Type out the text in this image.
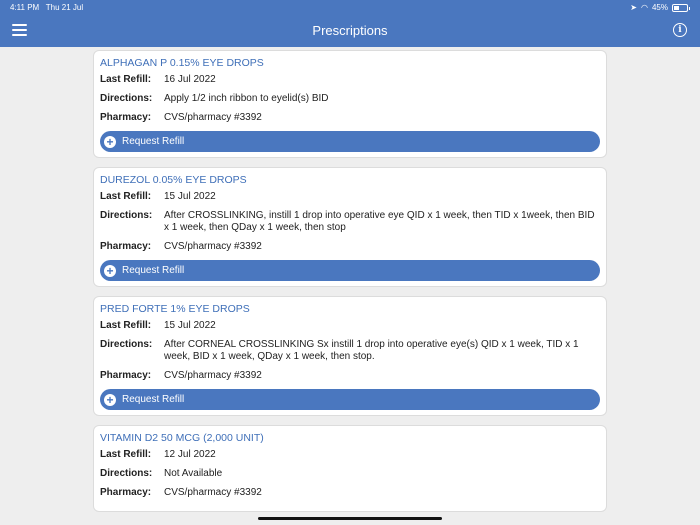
4:11 PM Thu 21 Jul	➤ ◠ 45%
Prescriptions	i
ALPHAGAN P 0.15% EYE DROPS
Last Refill:	16 Jul 2022
Directions:	Apply 1/2 inch ribbon to eyelid(s) BID
Pharmacy:	CVS/pharmacy #3392
+ Request Refill
DUREZOL 0.05% EYE DROPS
Last Refill:	15 Jul 2022
Directions:	After CROSSLINKING, instill 1 drop into operative eye QID x 1 week, then TID x 1week, then BID x 1 week, then QDay x 1 week, then stop
Pharmacy:	CVS/pharmacy #3392
+ Request Refill
PRED FORTE 1% EYE DROPS
Last Refill:	15 Jul 2022
Directions:	After CORNEAL CROSSLINKING Sx instill 1 drop into operative eye(s) QID x 1 week, TID x 1 week, BID x 1 week, QDay x 1 week, then stop.
Pharmacy:	CVS/pharmacy #3392
+ Request Refill
VITAMIN D2 50 MCG (2,000 UNIT)
Last Refill:	12 Jul 2022
Directions:	Not Available
Pharmacy:	CVS/pharmacy #3392
